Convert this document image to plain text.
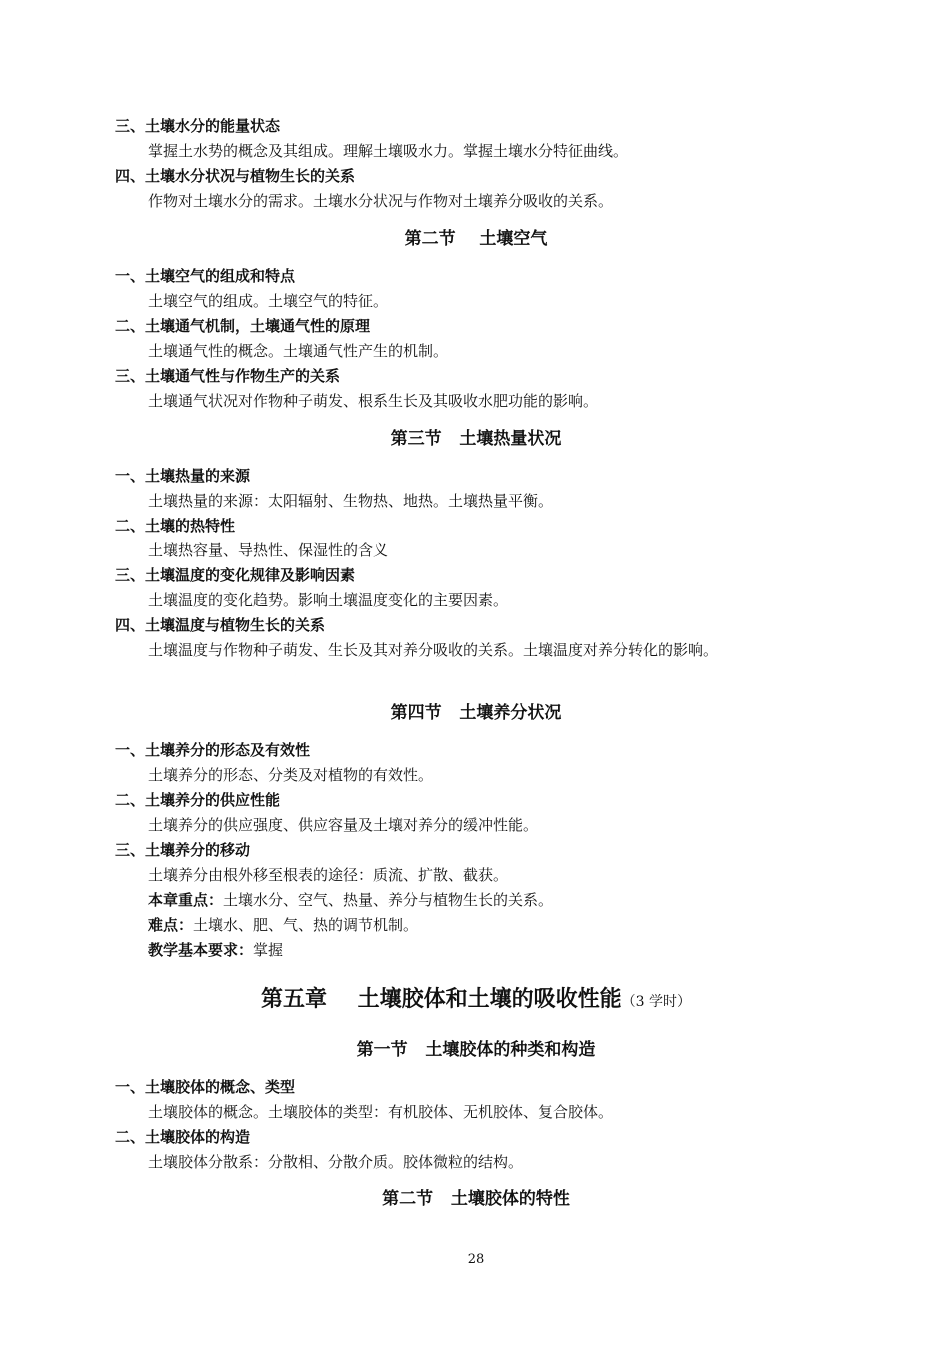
三、土壤水分的能量状态
掌握土水势的概念及其组成。理解土壤吸水力。掌握土壤水分特征曲线。
四、土壤水分状况与植物生长的关系
作物对土壤水分的需求。土壤水分状况与作物对土壤养分吸收的关系。
第二节    土壤空气
一、土壤空气的组成和特点
土壤空气的组成。土壤空气的特征。
二、土壤通气机制，土壤通气性的原理
土壤通气性的概念。土壤通气性产生的机制。
三、土壤通气性与作物生产的关系
土壤通气状况对作物种子萌发、根系生长及其吸收水肥功能的影响。
第三节   土壤热量状况
一、土壤热量的来源
土壤热量的来源：太阳辐射、生物热、地热。土壤热量平衡。
二、土壤的热特性
土壤热容量、导热性、保湿性的含义
三、土壤温度的变化规律及影响因素
土壤温度的变化趋势。影响土壤温度变化的主要因素。
四、土壤温度与植物生长的关系
土壤温度与作物种子萌发、生长及其对养分吸收的关系。土壤温度对养分转化的影响。
第四节   土壤养分状况
一、土壤养分的形态及有效性
土壤养分的形态、分类及对植物的有效性。
二、土壤养分的供应性能
土壤养分的供应强度、供应容量及土壤对养分的缓冲性能。
三、土壤养分的移动
土壤养分由根外移至根表的途径：质流、扩散、截获。
本章重点：土壤水分、空气、热量、养分与植物生长的关系。
难点：土壤水、肥、气、热的调节机制。
教学基本要求：掌握
第五章    土壤胶体和土壤的吸收性能（3 学时）
第一节   土壤胶体的种类和构造
一、土壤胶体的概念、类型
土壤胶体的概念。土壤胶体的类型：有机胶体、无机胶体、复合胶体。
二、土壤胶体的构造
土壤胶体分散系：分散相、分散介质。胶体微粒的结构。
第二节   土壤胶体的特性
28
